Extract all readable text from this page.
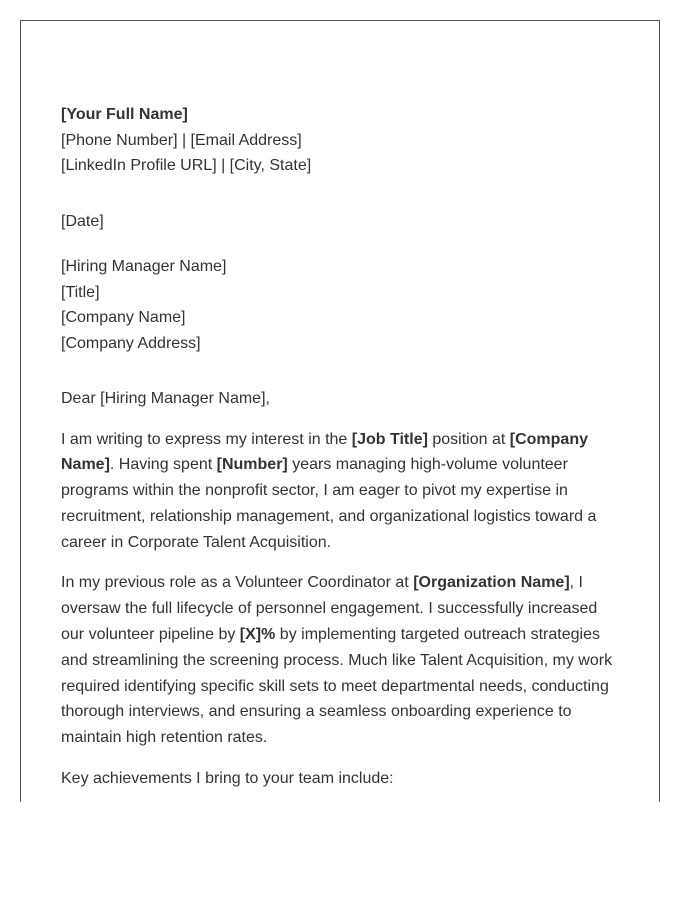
[Your Full Name]
[Phone Number] | [Email Address]
[LinkedIn Profile URL] | [City, State]
[Date]
[Hiring Manager Name]
[Title]
[Company Name]
[Company Address]
Dear [Hiring Manager Name],

I am writing to express my interest in the [Job Title] position at [Company Name]. Having spent [Number] years managing high-volume volunteer programs within the nonprofit sector, I am eager to pivot my expertise in recruitment, relationship management, and organizational logistics toward a career in Corporate Talent Acquisition.

In my previous role as a Volunteer Coordinator at [Organization Name], I oversaw the full lifecycle of personnel engagement. I successfully increased our volunteer pipeline by [X]% by implementing targeted outreach strategies and streamlining the screening process. Much like Talent Acquisition, my work required identifying specific skill sets to meet departmental needs, conducting thorough interviews, and ensuring a seamless onboarding experience to maintain high retention rates.

Key achievements I bring to your team include:
